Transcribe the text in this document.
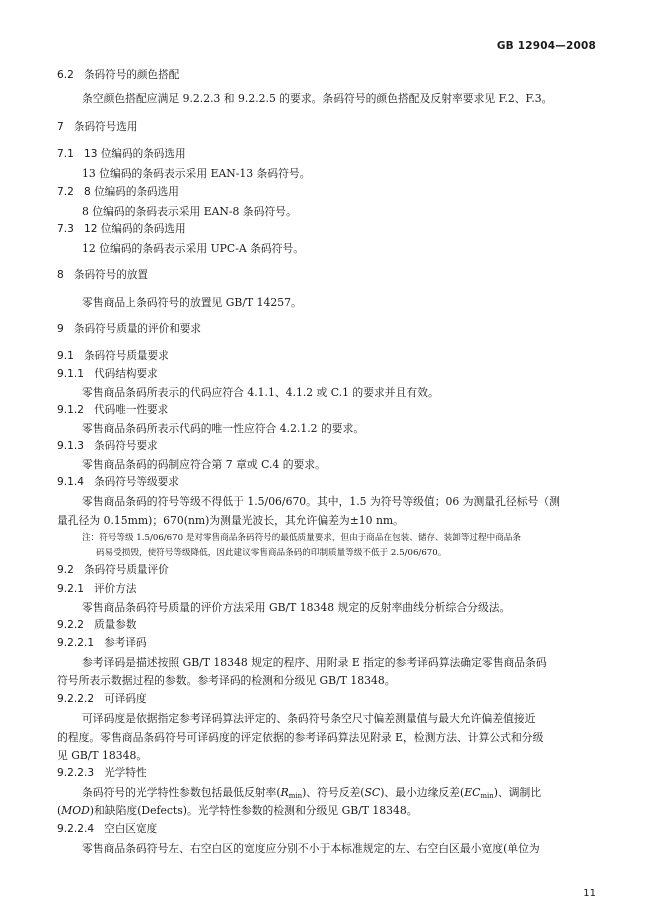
GB 12904—2008
6.2 条码符号的颜色搭配
条空颜色搭配应满足 9.2.2.3 和 9.2.2.5 的要求。条码符号的颜色搭配及反射率要求见 F.2、F.3。
7 条码符号选用
7.1 13 位编码的条码选用
13 位编码的条码表示采用 EAN-13 条码符号。
7.2 8 位编码的条码选用
8 位编码的条码表示采用 EAN-8 条码符号。
7.3 12 位编码的条码选用
12 位编码的条码表示采用 UPC-A 条码符号。
8 条码符号的放置
零售商品上条码符号的放置见 GB/T 14257。
9 条码符号质量的评价和要求
9.1 条码符号质量要求
9.1.1 代码结构要求
零售商品条码所表示的代码应符合 4.1.1、4.1.2 或 C.1 的要求并且有效。
9.1.2 代码唯一性要求
零售商品条码所表示代码的唯一性应符合 4.2.1.2 的要求。
9.1.3 条码符号要求
零售商品条码的码制应符合第 7 章或 C.4 的要求。
9.1.4 条码符号等级要求
零售商品条码的符号等级不得低于 1.5/06/670。其中，1.5 为符号等级值；06 为测量孔径标号（测
量孔径为 0.15mm)；670(nm)为测量光波长，其允许偏差为±10 nm。
注：符号等级 1.5/06/670 是对零售商品条码符号的最低质量要求，但由于商品在包装、储存、装卸等过程中商品条
码易受损毁，使符号等级降低，因此建议零售商品条码的印制质量等级不低于 2.5/06/670。
9.2 条码符号质量评价
9.2.1 评价方法
零售商品条码符号质量的评价方法采用 GB/T 18348 规定的反射率曲线分析综合分级法。
9.2.2 质量参数
9.2.2.1 参考译码
参考译码是描述按照 GB/T 18348 规定的程序、用附录 E 指定的参考译码算法确定零售商品条码
符号所表示数据过程的参数。参考译码的检测和分级见 GB/T 18348。
9.2.2.2 可译码度
可译码度是依据指定参考译码算法评定的、条码符号条空尺寸偏差测量值与最大允许偏差值接近
的程度。零售商品条码符号可译码度的评定依据的参考译码算法见附录 E，检测方法、计算公式和分级
见 GB/T 18348。
9.2.2.3 光学特性
条码符号的光学特性参数包括最低反射率$(R_{min})$、符号反差(SC)、最小边缘反差$(EC_{min})$、调制比
(MOD)和缺陷度(Defects)。光学特性参数的检测和分级见 GB/T 18348。
9.2.2.4 空白区宽度
零售商品条码符号左、右空白区的宽度应分别不小于本标准规定的左、右空白区最小宽度(单位为
11
